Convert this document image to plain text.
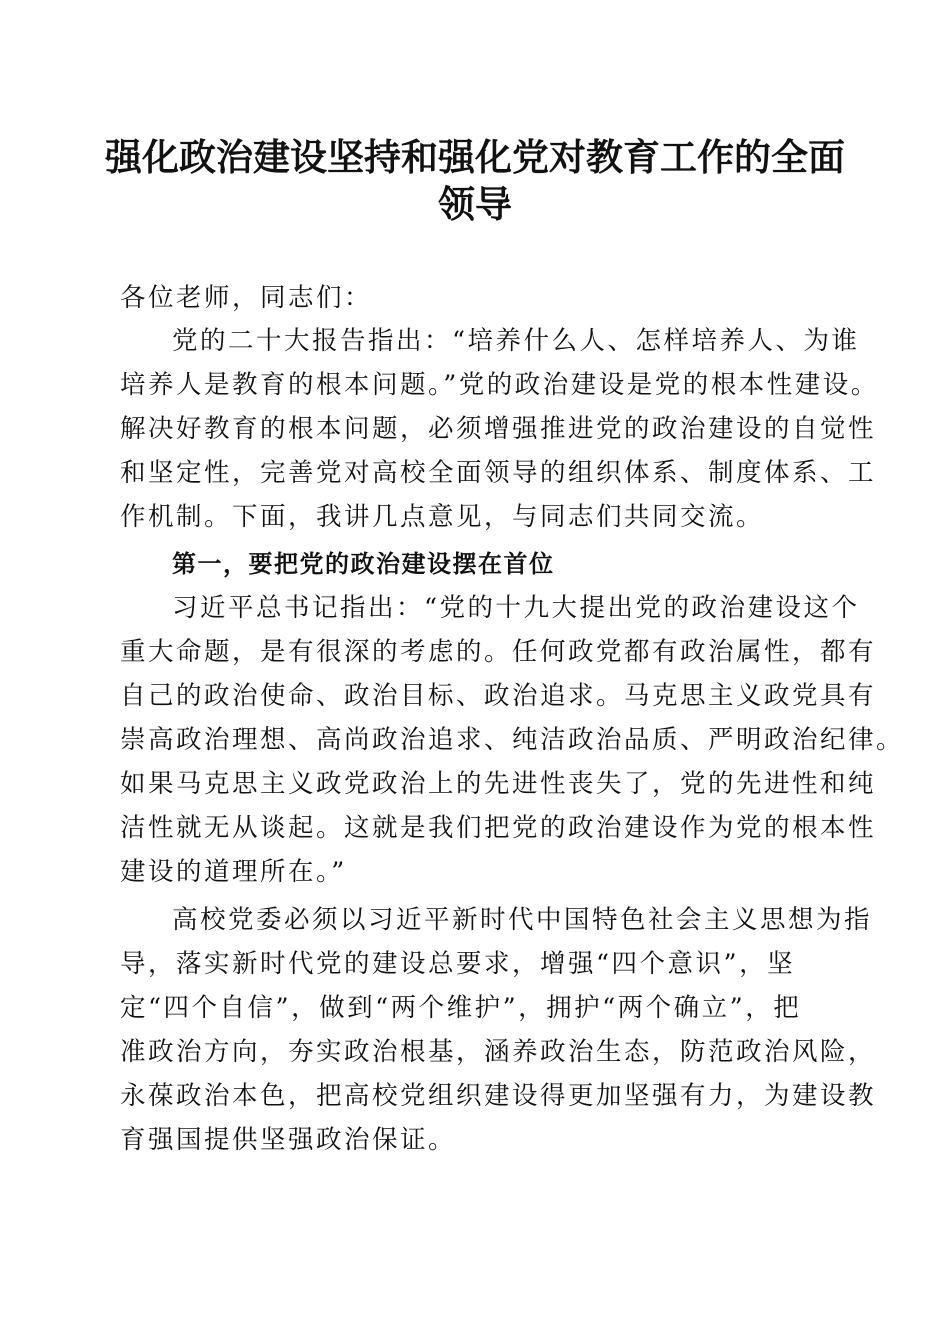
强化政治建设坚持和强化党对教育工作的全面
领导
各位老师，同志们：
党的二十大报告指出：“培养什么人、怎样培养人、为谁
培养人是教育的根本问题。”党的政治建设是党的根本性建设。
解决好教育的根本问题，必须增强推进党的政治建设的自觉性
和坚定性，完善党对高校全面领导的组织体系、制度体系、工
作机制。下面，我讲几点意见，与同志们共同交流。
第一，要把党的政治建设摆在首位
习近平总书记指出：“党的十九大提出党的政治建设这个
重大命题，是有很深的考虑的。任何政党都有政治属性，都有
自己的政治使命、政治目标、政治追求。马克思主义政党具有
崇高政治理想、高尚政治追求、纯洁政治品质、严明政治纪律。
如果马克思主义政党政治上的先进性丧失了，党的先进性和纯
洁性就无从谈起。这就是我们把党的政治建设作为党的根本性
建设的道理所在。”
高校党委必须以习近平新时代中国特色社会主义思想为指
导，落实新时代党的建设总要求，增强“四个意识”，坚
定“四个自信”，做到“两个维护”，拥护“两个确立”，把
准政治方向，夯实政治根基，涵养政治生态，防范政治风险，
永葆政治本色，把高校党组织建设得更加坚强有力，为建设教
育强国提供坚强政治保证。
